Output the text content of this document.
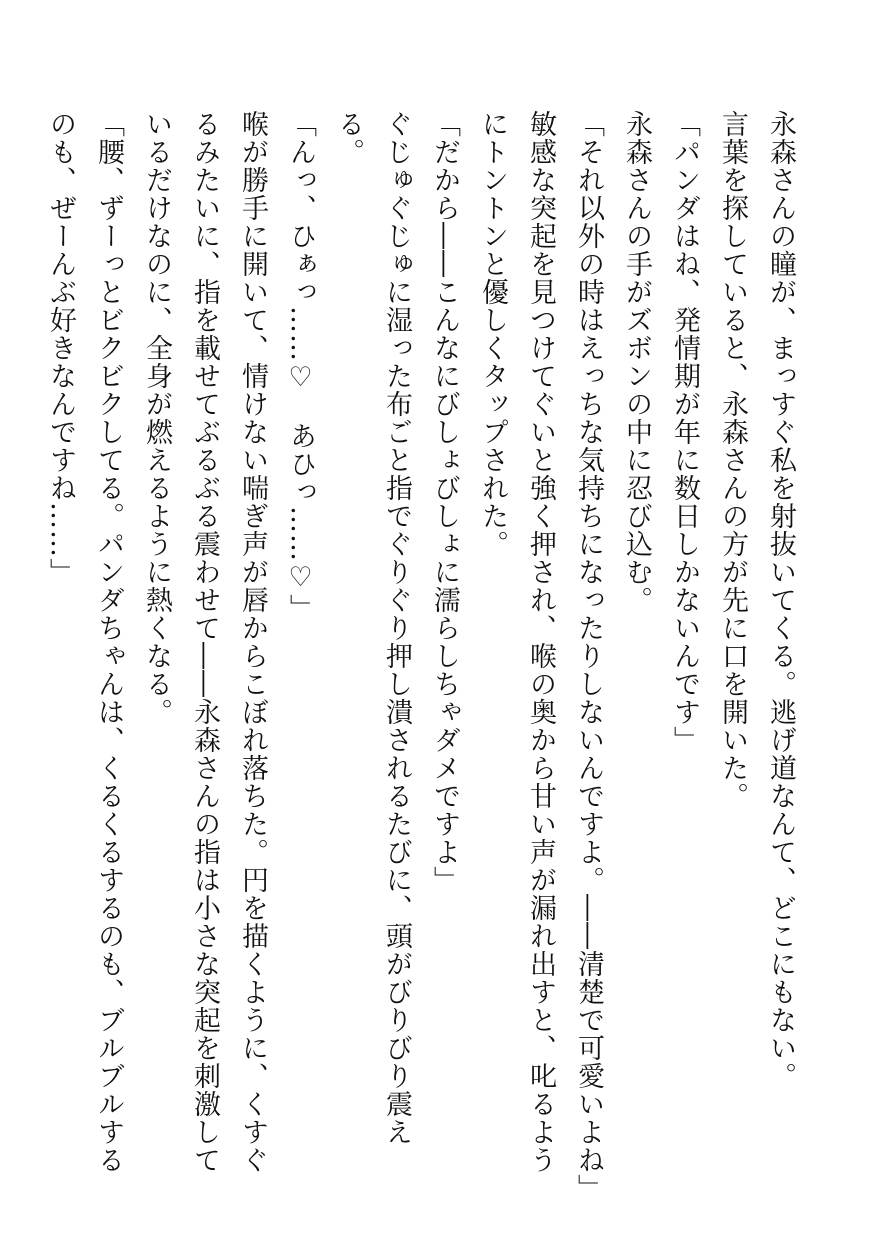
永森さんの瞳が、まっすぐ私を射抜いてくる。逃げ道なんて、どこにもない。

言葉を探していると、永森さんの方が先に口を開いた。

「パンダはね、発情期が年に数日しかないんです」

永森さんの手がズボンの中に忍び込む。

「それ以外の時はえっちな気持ちになったりしないんですよ。――清楚で可愛いよね」

敏感な突起を見つけてぐいと強く押され、喉の奥から甘い声が漏れ出すと、叱るようにトントンと優しくタップされた。

「だから――こんなにびしょびしょに濡らしちゃダメですよ」

ぐじゅぐじゅに湿った布ごと指でぐりぐり押し潰されるたびに、頭がびりびり震える。

「んっ、ひぁっ……♡　あひっ……♡」

喉が勝手に開いて、情けない喘ぎ声が唇からこぼれ落ちた。円を描くように、くすぐるみたいに、指を載せてぶるぶる震わせて――永森さんの指は小さな突起を刺激しているだけなのに、全身が燃えるように熱くなる。

「腰、ずーっとビクビクしてる。パンダちゃんは、くるくるするのも、ブルブルするのも、ぜーんぶ好きなんですね……」
